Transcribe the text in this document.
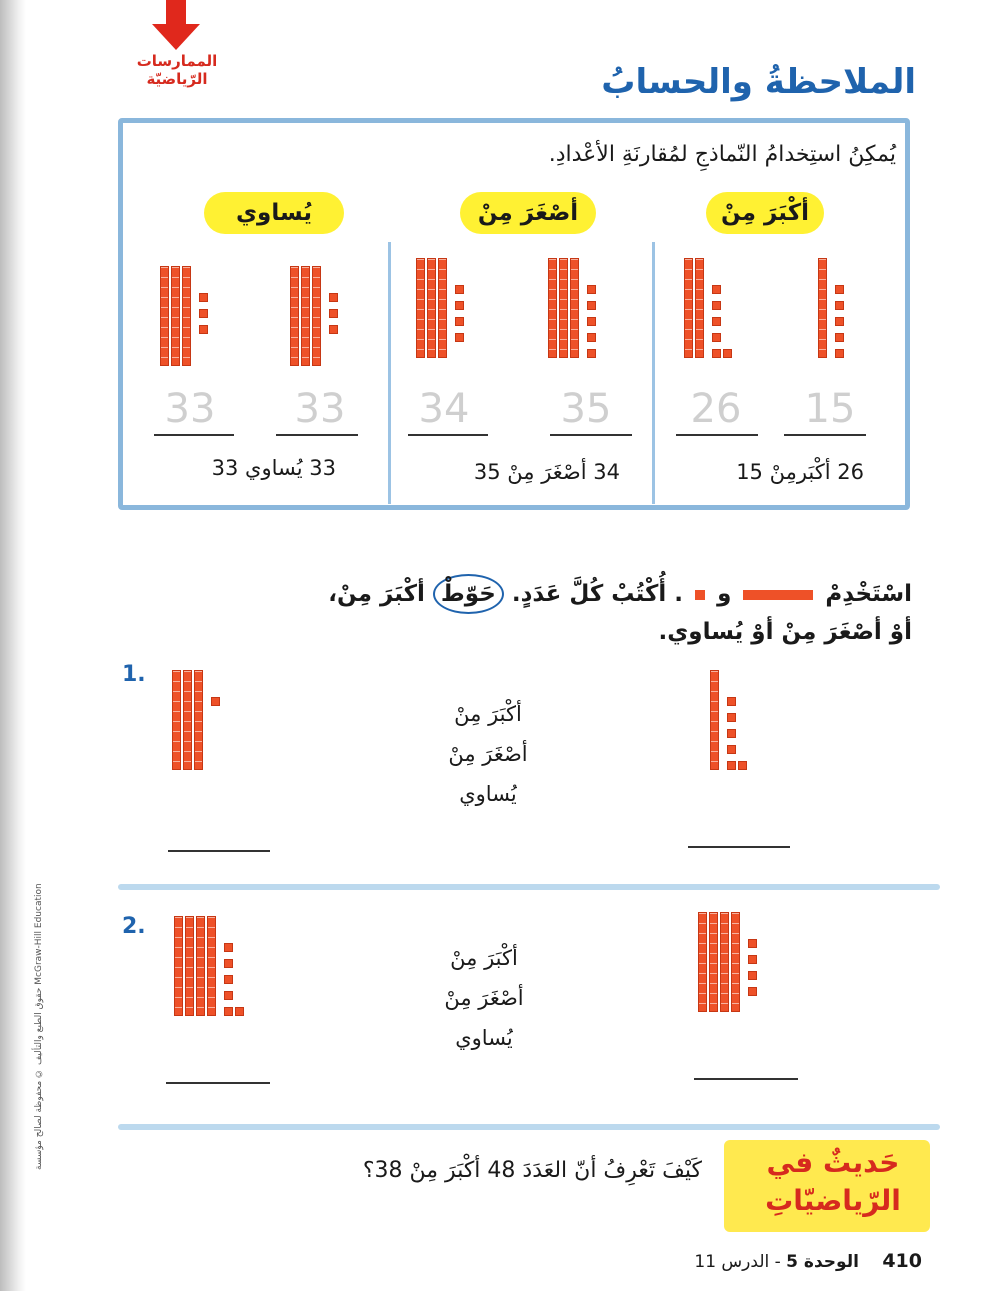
الممارسات الرّياضيّة	الملاحظةُ والحسابُ
يُمكِنُ استِخدامُ النّماذجِ لمُقارنَةِ الأعْدادِ.
أكْبَرَ مِنْ
26	15
26 أكْبَرمِنْ 15
أصْغَرَ مِنْ
34	35
34 أصْغَرَ مِنْ 35
يُساوي
33	33
33 يُساوي 33
اسْتَخْدِمْ  و  . أُكْتُبْ كُلَّ عَدَدٍ. حَوّطْ أكْبَرَ مِنْ،
أوْ أصْغَرَ مِنْ أوْ يُساوي.
1.
أكْبَرَ مِنْ
أصْغَرَ مِنْ
يُساوي
2.
أكْبَرَ مِنْ
أصْغَرَ مِنْ
يُساوي
حَديثٌ في
الرّياضيّاتِ
كَيْفَ تَعْرِفُ أنّ العَدَدَ 48 أكْبَرَ مِنْ 38؟
410 الوحدة 5 - الدرس 11
حقوق الطبع والتأليف © محفوظة لصالح مؤسسة McGraw-Hill Education
